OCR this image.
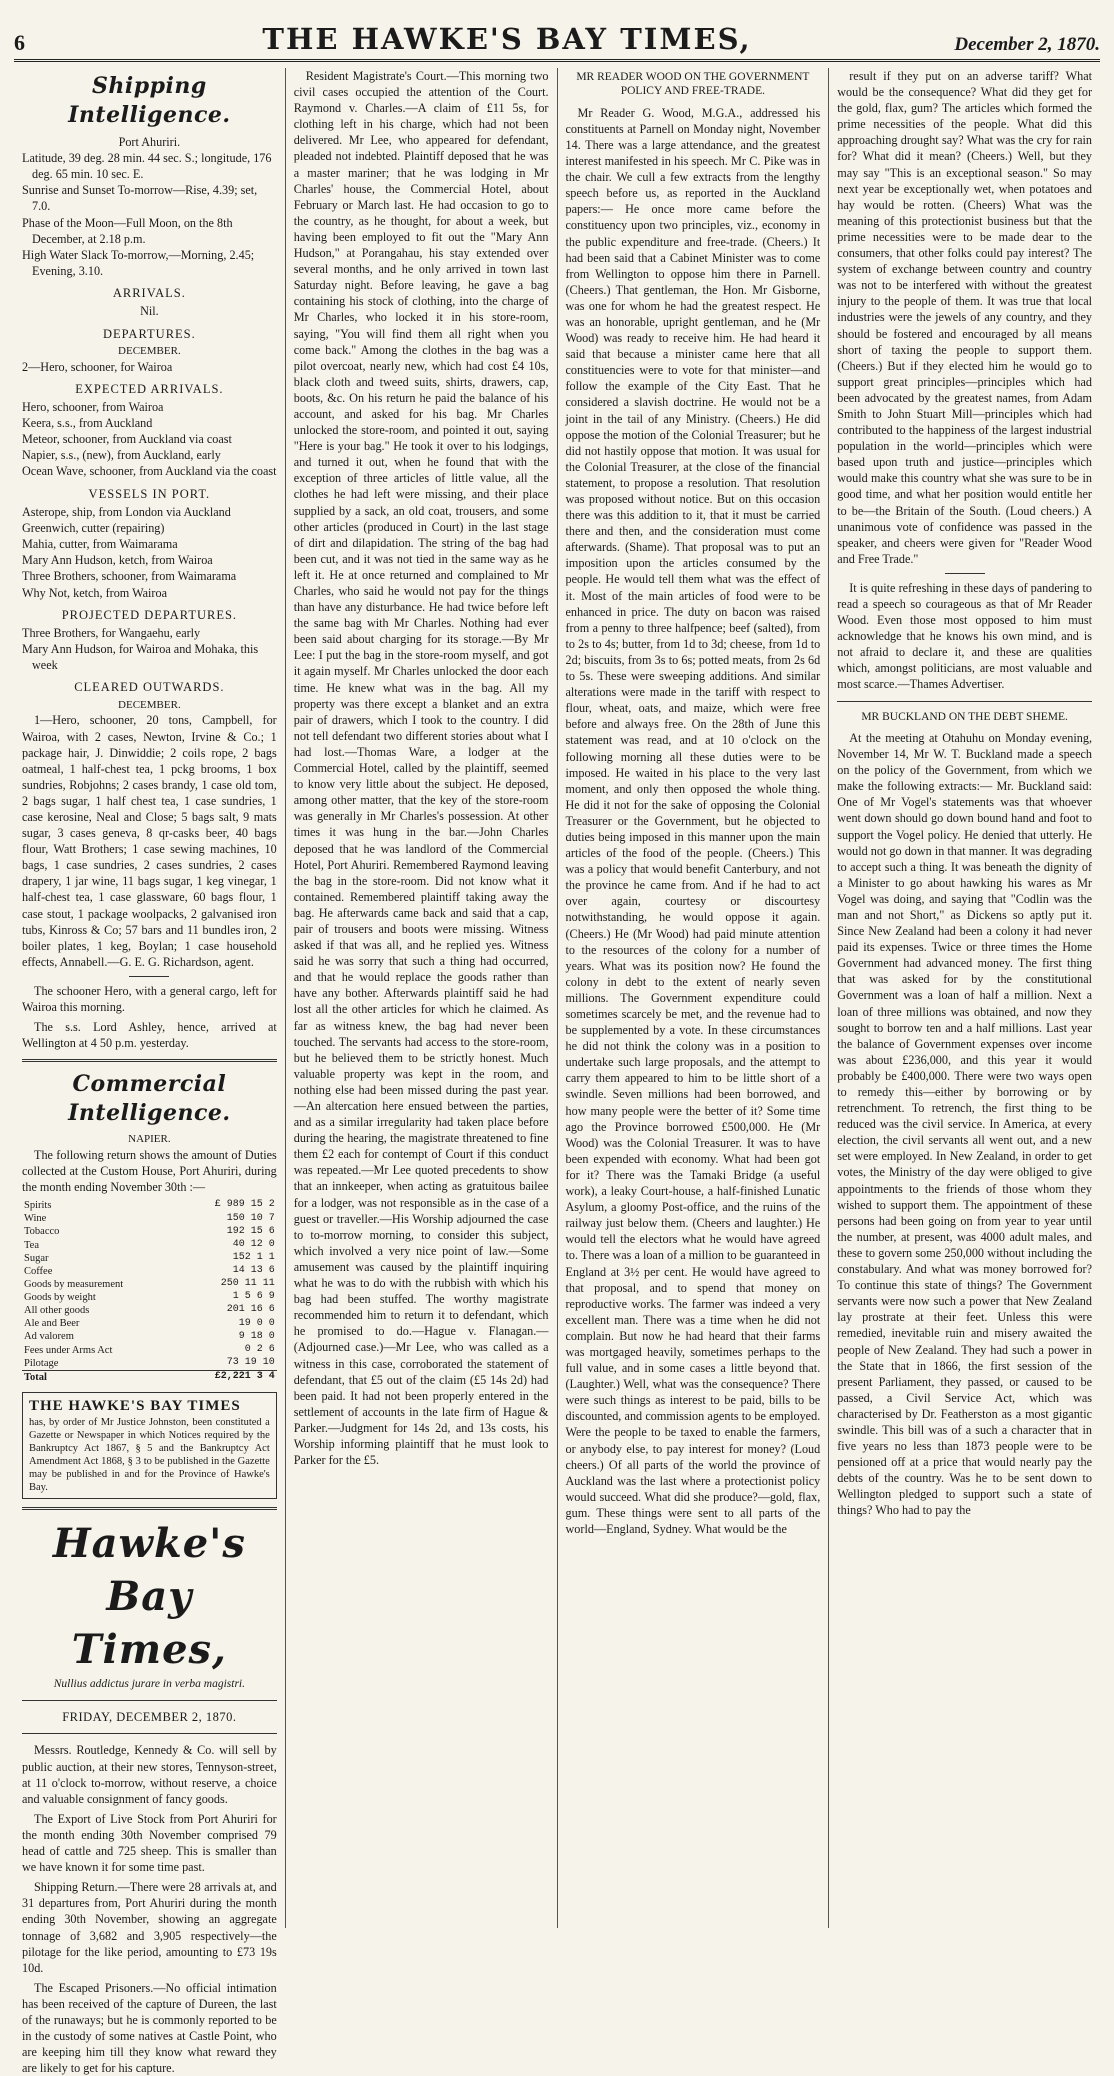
6	THE HAWKE'S BAY TIMES,	December 2, 1870.
Shipping Intelligence.
Port Ahuriri.

Latitude, 39 deg. 28 min. 44 sec. S.; longitude, 176 deg. 65 min. 10 sec. E.

Sunrise and Sunset To-morrow—Rise, 4.39; set, 7.0.

Phase of the Moon—Full Moon, on the 8th December, at 2.18 p.m.

High Water Slack To-morrow,—Morning, 2.45; Evening, 3.10.

ARRIVALS.
Nil.
DEPARTURES.
DECEMBER.

2—Hero, schooner, for Wairoa

EXPECTED ARRIVALS.

Hero, schooner, from Wairoa

Keera, s.s., from Auckland

Meteor, schooner, from Auckland via coast

Napier, s.s., (new), from Auckland, early

Ocean Wave, schooner, from Auckland via the coast

VESSELS IN PORT.

Asterope, ship, from London via Auckland

Greenwich, cutter (repairing)

Mahia, cutter, from Waimarama

Mary Ann Hudson, ketch, from Wairoa

Three Brothers, schooner, from Waimarama

Why Not, ketch, from Wairoa

PROJECTED DEPARTURES.

Three Brothers, for Wangaehu, early

Mary Ann Hudson, for Wairoa and Mohaka, this week

CLEARED OUTWARDS.
DECEMBER.

1—Hero, schooner, 20 tons, Campbell, for Wairoa, with 2 cases, Newton, Irvine & Co.; 1 package hair, J. Dinwiddie; 2 coils rope, 2 bags oatmeal, 1 half-chest tea, 1 pckg brooms, 1 box sundries, Robjohns; 2 cases brandy, 1 case old tom, 2 bags sugar, 1 half chest tea, 1 case sundries, 1 case kerosine, Neal and Close; 5 bags salt, 9 mats sugar, 3 cases geneva, 8 qr-casks beer, 40 bags flour, Watt Brothers; 1 case sewing machines, 10 bags, 1 case sundries, 2 cases sundries, 2 cases drapery, 1 jar wine, 11 bags sugar, 1 keg vinegar, 1 half-chest tea, 1 case glassware, 60 bags flour, 1 case stout, 1 package woolpacks, 2 galvanised iron tubs, Kinross & Co; 57 bars and 11 bundles iron, 2 boiler plates, 1 keg, Boylan; 1 case household effects, Annabell.—G. E. G. Richardson, agent.

The schooner Hero, with a general cargo, left for Wairoa this morning.

The s.s. Lord Ashley, hence, arrived at Wellington at 4 50 p.m. yesterday.

Commercial Intelligence.
NAPIER.

The following return shows the amount of Duties collected at the Custom House, Port Ahuriri, during the month ending November 30th :—

Spirits	£ 989 15 2
Wine	150 10 7
Tobacco	192 15 6
Tea	40 12 0
Sugar	152 1 1
Coffee	14 13 6
Goods by measurement	250 11 11
Goods by weight	1 5 6 9
All other goods	201 16 6
Ale and Beer	19 0 0
Ad valorem	9 18 0
Fees under Arms Act	0 2 6
Pilotage	73 19 10
Total	£2,221 3 4
THE HAWKE'S BAY TIMES
has, by order of Mr Justice Johnston, been constituted a Gazette or Newspaper in which Notices required by the Bankruptcy Act 1867, § 5 and the Bankruptcy Act Amendment Act 1868, § 3 to be published in the Gazette may be published in and for the Province of Hawke's Bay.
Hawke's Bay Times,
Nullius addictus jurare in verba magistri.
FRIDAY, DECEMBER 2, 1870.

Messrs. Routledge, Kennedy & Co. will sell by public auction, at their new stores, Tennyson-street, at 11 o'clock to-morrow, without reserve, a choice and valuable consignment of fancy goods.

The Export of Live Stock from Port Ahuriri for the month ending 30th November comprised 79 head of cattle and 725 sheep. This is smaller than we have known it for some time past.

Shipping Return.—There were 28 arrivals at, and 31 departures from, Port Ahuriri during the month ending 30th November, showing an aggregate tonnage of 3,682 and 3,905 respectively—the pilotage for the like period, amounting to £73 19s 10d.

The Escaped Prisoners.—No official intimation has been received of the capture of Dureen, the last of the runaways; but he is commonly reported to be in the custody of some natives at Castle Point, who are keeping him till they know what reward they are likely to get for his capture.

Resident Magistrate's Court.—This morning two civil cases occupied the attention of the Court. Raymond v. Charles.—A claim of £11 5s, for clothing left in his charge, which had not been delivered. Mr Lee, who appeared for defendant, pleaded not indebted. Plaintiff deposed that he was a master mariner; that he was lodging in Mr Charles' house, the Commercial Hotel, about February or March last. He had occasion to go to the country, as he thought, for about a week, but having been employed to fit out the "Mary Ann Hudson," at Porangahau, his stay extended over several months, and he only arrived in town last Saturday night. Before leaving, he gave a bag containing his stock of clothing, into the charge of Mr Charles, who locked it in his store-room, saying, "You will find them all right when you come back." Among the clothes in the bag was a pilot overcoat, nearly new, which had cost £4 10s, black cloth and tweed suits, shirts, drawers, cap, boots, &c. On his return he paid the balance of his account, and asked for his bag. Mr Charles unlocked the store-room, and pointed it out, saying "Here is your bag." He took it over to his lodgings, and turned it out, when he found that with the exception of three articles of little value, all the clothes he had left were missing, and their place supplied by a sack, an old coat, trousers, and some other articles (produced in Court) in the last stage of dirt and dilapidation. The string of the bag had been cut, and it was not tied in the same way as he left it. He at once returned and complained to Mr Charles, who said he would not pay for the things than have any disturbance. He had twice before left the same bag with Mr Charles. Nothing had ever been said about charging for its storage.—By Mr Lee: I put the bag in the store-room myself, and got it again myself. Mr Charles unlocked the door each time. He knew what was in the bag. All my property was there except a blanket and an extra pair of drawers, which I took to the country. I did not tell defendant two different stories about what I had lost.—Thomas Ware, a lodger at the Commercial Hotel, called by the plaintiff, seemed to know very little about the subject. He deposed, among other matter, that the key of the store-room was generally in Mr Charles's possession. At other times it was hung in the bar.—John Charles deposed that he was landlord of the Commercial Hotel, Port Ahuriri. Remembered Raymond leaving the bag in the store-room. Did not know what it contained. Remembered plaintiff taking away the bag. He afterwards came back and said that a cap, pair of trousers and boots were missing. Witness asked if that was all, and he replied yes. Witness said he was sorry that such a thing had occurred, and that he would replace the goods rather than have any bother. Afterwards plaintiff said he had lost all the other articles for which he claimed. As far as witness knew, the bag had never been touched. The servants had access to the store-room, but he believed them to be strictly honest. Much valuable property was kept in the room, and nothing else had been missed during the past year.—An altercation here ensued between the parties, and as a similar irregularity had taken place before during the hearing, the magistrate threatened to fine them £2 each for contempt of Court if this conduct was repeated.—Mr Lee quoted precedents to show that an innkeeper, when acting as gratuitous bailee for a lodger, was not responsible as in the case of a guest or traveller.—His Worship adjourned the case to to-morrow morning, to consider this subject, which involved a very nice point of law.—Some amusement was caused by the plaintiff inquiring what he was to do with the rubbish with which his bag had been stuffed. The worthy magistrate recommended him to return it to defendant, which he promised to do.—Hague v. Flanagan.—(Adjourned case.)—Mr Lee, who was called as a witness in this case, corroborated the statement of defendant, that £5 out of the claim (£5 14s 2d) had been paid. It had not been properly entered in the settlement of accounts in the late firm of Hague & Parker.—Judgment for 14s 2d, and 13s costs, his Worship informing plaintiff that he must look to Parker for the £5.

MR READER WOOD ON THE GOVERNMENT POLICY AND FREE-TRADE.

Mr Reader G. Wood, M.G.A., addressed his constituents at Parnell on Monday night, November 14. There was a large attendance, and the greatest interest manifested in his speech. Mr C. Pike was in the chair. We cull a few extracts from the lengthy speech before us, as reported in the Auckland papers:— He once more came before the constituency upon two principles, viz., economy in the public expenditure and free-trade. (Cheers.) It had been said that a Cabinet Minister was to come from Wellington to oppose him there in Parnell. (Cheers.) That gentleman, the Hon. Mr Gisborne, was one for whom he had the greatest respect. He was an honorable, upright gentleman, and he (Mr Wood) was ready to receive him. He had heard it said that because a minister came here that all constituencies were to vote for that minister—and follow the example of the City East. That he considered a slavish doctrine. He would not be a joint in the tail of any Ministry. (Cheers.) He did oppose the motion of the Colonial Treasurer; but he did not hastily oppose that motion. It was usual for the Colonial Treasurer, at the close of the financial statement, to propose a resolution. That resolution was proposed without notice. But on this occasion there was this addition to it, that it must be carried there and then, and the consideration must come afterwards. (Shame). That proposal was to put an imposition upon the articles consumed by the people. He would tell them what was the effect of it. Most of the main articles of food were to be enhanced in price. The duty on bacon was raised from a penny to three halfpence; beef (salted), from to 2s to 4s; butter, from 1d to 3d; cheese, from 1d to 2d; biscuits, from 3s to 6s; potted meats, from 2s 6d to 5s. These were sweeping additions. And similar alterations were made in the tariff with respect to flour, wheat, oats, and maize, which were free before and always free. On the 28th of June this statement was read, and at 10 o'clock on the following morning all these duties were to be imposed. He waited in his place to the very last moment, and only then opposed the whole thing. He did it not for the sake of opposing the Colonial Treasurer or the Government, but he objected to duties being imposed in this manner upon the main articles of the food of the people. (Cheers.) This was a policy that would benefit Canterbury, and not the province he came from. And if he had to act over again, courtesy or discourtesy notwithstanding, he would oppose it again. (Cheers.) He (Mr Wood) had paid minute attention to the resources of the colony for a number of years. What was its position now? He found the colony in debt to the extent of nearly seven millions. The Government expenditure could sometimes scarcely be met, and the revenue had to be supplemented by a vote. In these circumstances he did not think the colony was in a position to undertake such large proposals, and the attempt to carry them appeared to him to be little short of a swindle. Seven millions had been borrowed, and how many people were the better of it? Some time ago the Province borrowed £500,000. He (Mr Wood) was the Colonial Treasurer. It was to have been expended with economy. What had been got for it? There was the Tamaki Bridge (a useful work), a leaky Court-house, a half-finished Lunatic Asylum, a gloomy Post-office, and the ruins of the railway just below them. (Cheers and laughter.) He would tell the electors what he would have agreed to. There was a loan of a million to be guaranteed in England at 3½ per cent. He would have agreed to that proposal, and to spend that money on reproductive works. The farmer was indeed a very excellent man. There was a time when he did not complain. But now he had heard that their farms was mortgaged heavily, sometimes perhaps to the full value, and in some cases a little beyond that. (Laughter.) Well, what was the consequence? There were such things as interest to be paid, bills to be discounted, and commission agents to be employed. Were the people to be taxed to enable the farmers, or anybody else, to pay interest for money? (Loud cheers.) Of all parts of the world the province of Auckland was the last where a protectionist policy would succeed. What did she produce?—gold, flax, gum. These things were sent to all parts of the world—England, Sydney. What would be the

result if they put on an adverse tariff? What would be the consequence? What did they get for the gold, flax, gum? The articles which formed the prime necessities of the people. What did this approaching drought say? What was the cry for rain for? What did it mean? (Cheers.) Well, but they may say "This is an exceptional season." So may next year be exceptionally wet, when potatoes and hay would be rotten. (Cheers) What was the meaning of this protectionist business but that the prime necessities were to be made dear to the consumers, that other folks could pay interest? The system of exchange between country and country was not to be interfered with without the greatest injury to the people of them. It was true that local industries were the jewels of any country, and they should be fostered and encouraged by all means short of taxing the people to support them. (Cheers.) But if they elected him he would go to support great principles—principles which had been advocated by the greatest names, from Adam Smith to John Stuart Mill—principles which had contributed to the happiness of the largest industrial population in the world—principles which were based upon truth and justice—principles which would make this country what she was sure to be in good time, and what her position would entitle her to be—the Britain of the South. (Loud cheers.) A unanimous vote of confidence was passed in the speaker, and cheers were given for "Reader Wood and Free Trade."

It is quite refreshing in these days of pandering to read a speech so courageous as that of Mr Reader Wood. Even those most opposed to him must acknowledge that he knows his own mind, and is not afraid to declare it, and these are qualities which, amongst politicians, are most valuable and most scarce.—Thames Advertiser.

MR BUCKLAND ON THE DEBT SHEME.

At the meeting at Otahuhu on Monday evening, November 14, Mr W. T. Buckland made a speech on the policy of the Government, from which we make the following extracts:— Mr. Buckland said: One of Mr Vogel's statements was that whoever went down should go down bound hand and foot to support the Vogel policy. He denied that utterly. He would not go down in that manner. It was degrading to accept such a thing. It was beneath the dignity of a Minister to go about hawking his wares as Mr Vogel was doing, and saying that "Codlin was the man and not Short," as Dickens so aptly put it. Since New Zealand had been a colony it had never paid its expenses. Twice or three times the Home Government had advanced money. The first thing that was asked for by the constitutional Government was a loan of half a million. Next a loan of three millions was obtained, and now they sought to borrow ten and a half millions. Last year the balance of Government expenses over income was about £236,000, and this year it would probably be £400,000. There were two ways open to remedy this—either by borrowing or by retrenchment. To retrench, the first thing to be reduced was the civil service. In America, at every election, the civil servants all went out, and a new set were employed. In New Zealand, in order to get votes, the Ministry of the day were obliged to give appointments to the friends of those whom they wished to support them. The appointment of these persons had been going on from year to year until the number, at present, was 4000 adult males, and these to govern some 250,000 without including the constabulary. And what was money borrowed for? To continue this state of things? The Government servants were now such a power that New Zealand lay prostrate at their feet. Unless this were remedied, inevitable ruin and misery awaited the people of New Zealand. They had such a power in the State that in 1866, the first session of the present Parliament, they passed, or caused to be passed, a Civil Service Act, which was characterised by Dr. Featherston as a most gigantic swindle. This bill was of a such a character that in five years no less than 1873 people were to be pensioned off at a price that would nearly pay the debts of the country. Was he to be sent down to Wellington pledged to support such a state of things? Who had to pay the
